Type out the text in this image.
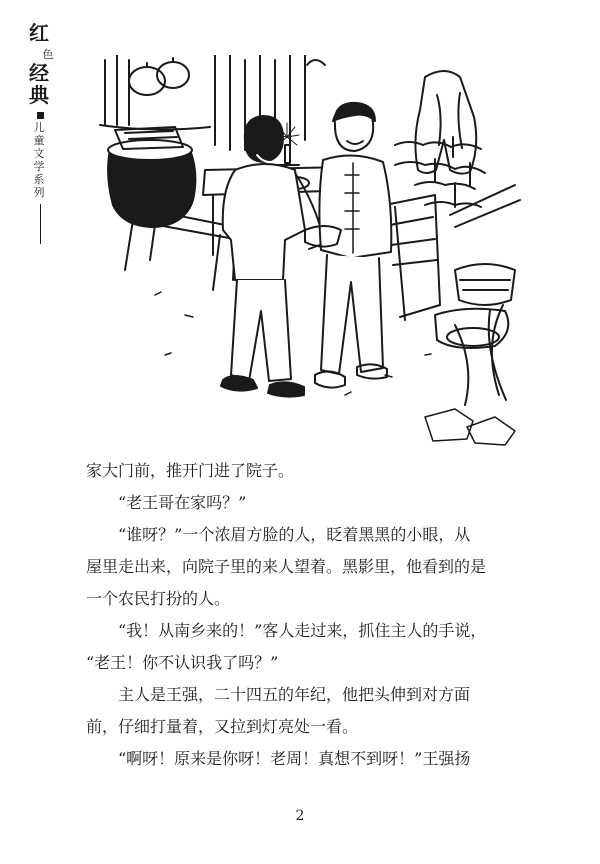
红
色
经
典
儿
童
文
学
系
列

家大门前，推开门进了院子。

“老王哥在家吗？”

“谁呀？”一个浓眉方脸的人，眨着黑黑的小眼，从

屋里走出来，向院子里的来人望着。黑影里，他看到的是

一个农民打扮的人。

“我！从南乡来的！”客人走过来，抓住主人的手说，

“老王！你不认识我了吗？”

主人是王强，二十四五的年纪，他把头伸到对方面

前，仔细打量着，又拉到灯亮处一看。

“啊呀！原来是你呀！老周！真想不到呀！”王强扬

2
